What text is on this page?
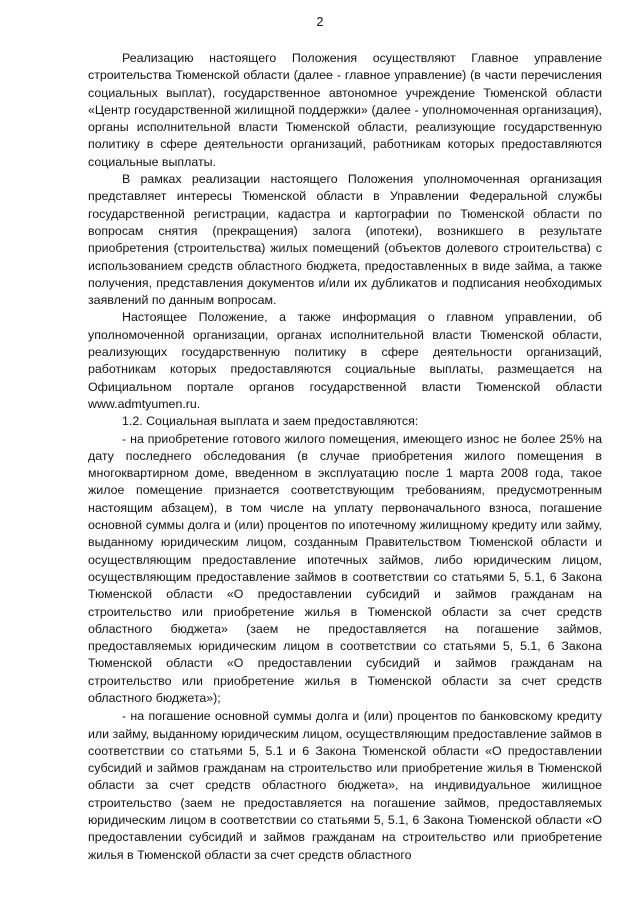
2

Реализацию настоящего Положения осуществляют Главное управление строительства Тюменской области (далее - главное управление) (в части перечисления социальных выплат), государственное автономное учреждение Тюменской области «Центр государственной жилищной поддержки» (далее - уполномоченная организация), органы исполнительной власти Тюменской области, реализующие государственную политику в сфере деятельности организаций, работникам которых предоставляются социальные выплаты.

В рамках реализации настоящего Положения уполномоченная организация представляет интересы Тюменской области в Управлении Федеральной службы государственной регистрации, кадастра и картографии по Тюменской области по вопросам снятия (прекращения) залога (ипотеки), возникшего в результате приобретения (строительства) жилых помещений (объектов долевого строительства) с использованием средств областного бюджета, предоставленных в виде займа, а также получения, представления документов и/или их дубликатов и подписания необходимых заявлений по данным вопросам.

Настоящее Положение, а также информация о главном управлении, об уполномоченной организации, органах исполнительной власти Тюменской области, реализующих государственную политику в сфере деятельности организаций, работникам которых предоставляются социальные выплаты, размещается на Официальном портале органов государственной власти Тюменской области www.admtyumen.ru.

1.2. Социальная выплата и заем предоставляются:

- на приобретение готового жилого помещения, имеющего износ не более 25% на дату последнего обследования (в случае приобретения жилого помещения в многоквартирном доме, введенном в эксплуатацию после 1 марта 2008 года, такое жилое помещение признается соответствующим требованиям, предусмотренным настоящим абзацем), в том числе на уплату первоначального взноса, погашение основной суммы долга и (или) процентов по ипотечному жилищному кредиту или займу, выданному юридическим лицом, созданным Правительством Тюменской области и осуществляющим предоставление ипотечных займов, либо юридическим лицом, осуществляющим предоставление займов в соответствии со статьями 5, 5.1, 6 Закона Тюменской области «О предоставлении субсидий и займов гражданам на строительство или приобретение жилья в Тюменской области за счет средств областного бюджета» (заем не предоставляется на погашение займов, предоставляемых юридическим лицом в соответствии со статьями 5, 5.1, 6 Закона Тюменской области «О предоставлении субсидий и займов гражданам на строительство или приобретение жилья в Тюменской области за счет средств областного бюджета»);

- на погашение основной суммы долга и (или) процентов по банковскому кредиту или займу, выданному юридическим лицом, осуществляющим предоставление займов в соответствии со статьями 5, 5.1 и 6 Закона Тюменской области «О предоставлении субсидий и займов гражданам на строительство или приобретение жилья в Тюменской области за счет средств областного бюджета», на индивидуальное жилищное строительство (заем не предоставляется на погашение займов, предоставляемых юридическим лицом в соответствии со статьями 5, 5.1, 6 Закона Тюменской области «О предоставлении субсидий и займов гражданам на строительство или приобретение жилья в Тюменской области за счет средств областного
